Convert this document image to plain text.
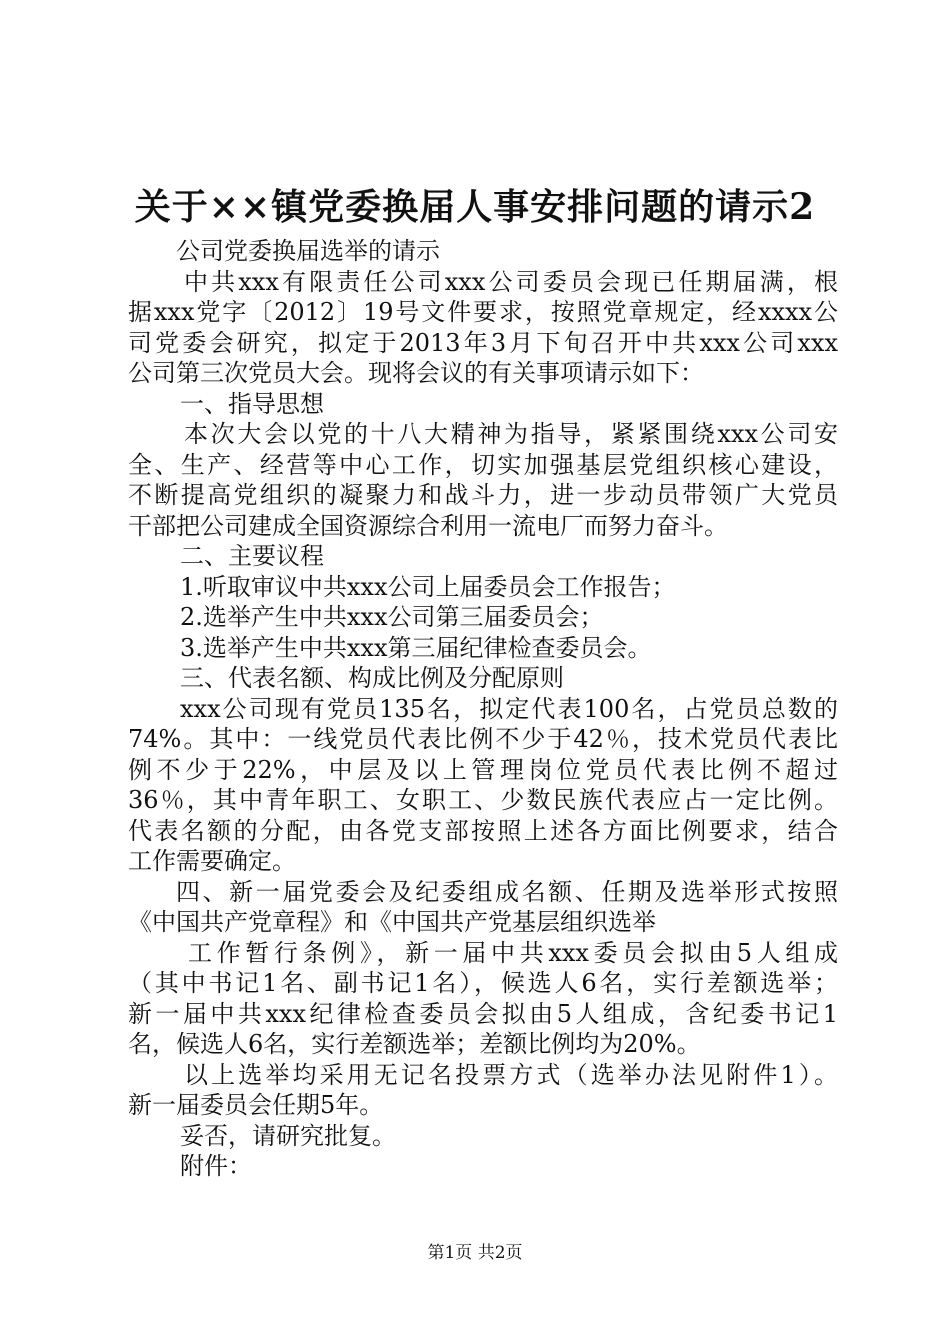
关于××镇党委换届人事安排问题的请示2
公司党委换届选举的请示
中共xxx有限责任公司xxx公司委员会现已任期届满，根
据xxx党字〔2012〕19号文件要求，按照党章规定，经xxxx公
司党委会研究，拟定于2013年3月下旬召开中共xxx公司xxx
公司第三次党员大会。现将会议的有关事项请示如下：
一、指导思想
本次大会以党的十八大精神为指导，紧紧围绕xxx公司安
全、生产、经营等中心工作，切实加强基层党组织核心建设，
不断提高党组织的凝聚力和战斗力，进一步动员带领广大党员
干部把公司建成全国资源综合利用一流电厂而努力奋斗。
二、主要议程
1.听取审议中共xxx公司上届委员会工作报告；
2.选举产生中共xxx公司第三届委员会；
3.选举产生中共xxx第三届纪律检查委员会。
三、代表名额、构成比例及分配原则
xxx公司现有党员135名，拟定代表100名，占党员总数的
74%。其中：一线党员代表比例不少于42％，技术党员代表比
例不少于22%，中层及以上管理岗位党员代表比例不超过
36％，其中青年职工、女职工、少数民族代表应占一定比例。
代表名额的分配，由各党支部按照上述各方面比例要求，结合
工作需要确定。
四、新一届党委会及纪委组成名额、任期及选举形式按照
《中国共产党章程》和《中国共产党基层组织选举
工作暂行条例》，新一届中共xxx委员会拟由5人组成
（其中书记1名、副书记1名），候选人6名，实行差额选举；
新一届中共xxx纪律检查委员会拟由5人组成，含纪委书记1
名，候选人6名，实行差额选举；差额比例均为20%。
以上选举均采用无记名投票方式（选举办法见附件1）。
新一届委员会任期5年。
妥否，请研究批复。
附件：
第1页 共2页
